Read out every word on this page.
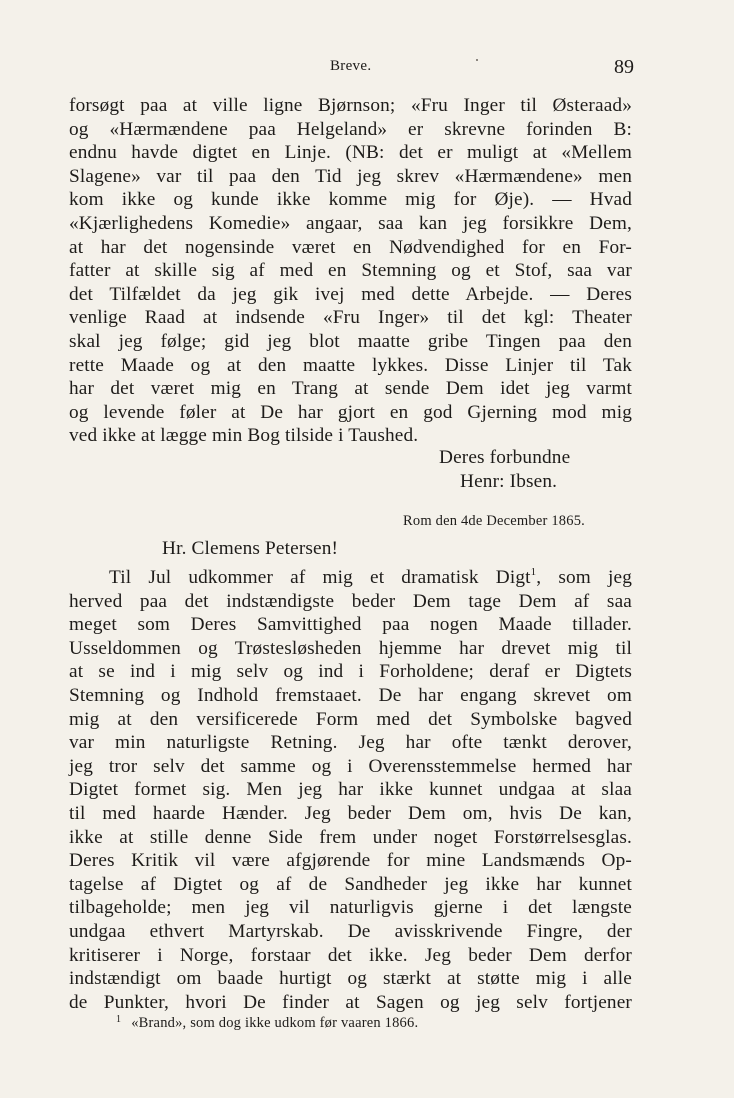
Breve.	89
forsøgt paa at ville ligne Bjørnson; «Fru Inger til Østeraad»
og «Hærmændene paa Helgeland» er skrevne forinden B:
endnu havde digtet en Linje. (NB: det er muligt at «Mellem
Slagene» var til paa den Tid jeg skrev «Hærmændene» men
kom ikke og kunde ikke komme mig for Øje). — Hvad
«Kjærlighedens Komedie» angaar, saa kan jeg forsikkre Dem,
at har det nogensinde været en Nødvendighed for en For-
fatter at skille sig af med en Stemning og et Stof, saa var
det Tilfældet da jeg gik ivej med dette Arbejde. — Deres
venlige Raad at indsende «Fru Inger» til det kgl: Theater
skal jeg følge; gid jeg blot maatte gribe Tingen paa den
rette Maade og at den maatte lykkes. Disse Linjer til Tak
har det været mig en Trang at sende Dem idet jeg varmt
og levende føler at De har gjort en god Gjerning mod mig
ved ikke at lægge min Bog tilside i Taushed.
Deres forbundne
Henr: Ibsen.
Rom den 4de December 1865.
Hr. Clemens Petersen!
Til Jul udkommer af mig et dramatisk Digt$^1$, som jeg
herved paa det indstændigste beder Dem tage Dem af saa
meget som Deres Samvittighed paa nogen Maade tillader.
Usseldommen og Trøstesløsheden hjemme har drevet mig til
at se ind i mig selv og ind i Forholdene; deraf er Digtets
Stemning og Indhold fremstaaet. De har engang skrevet om
mig at den versificerede Form med det Symbolske bagved
var min naturligste Retning. Jeg har ofte tænkt derover,
jeg tror selv det samme og i Overensstemmelse hermed har
Digtet formet sig. Men jeg har ikke kunnet undgaa at slaa
til med haarde Hænder. Jeg beder Dem om, hvis De kan,
ikke at stille denne Side frem under noget Forstørrelsesglas.
Deres Kritik vil være afgjørende for mine Landsmænds Op-
tagelse af Digtet og af de Sandheder jeg ikke har kunnet
tilbageholde; men jeg vil naturligvis gjerne i det længste
undgaa ethvert Martyrskab. De avisskrivende Fingre, der
kritiserer i Norge, forstaar det ikke. Jeg beder Dem derfor
indstændigt om baade hurtigt og stærkt at støtte mig i alle
de Punkter, hvori De finder at Sagen og jeg selv fortjener
$^1$ «Brand», som dog ikke udkom før vaaren 1866.
